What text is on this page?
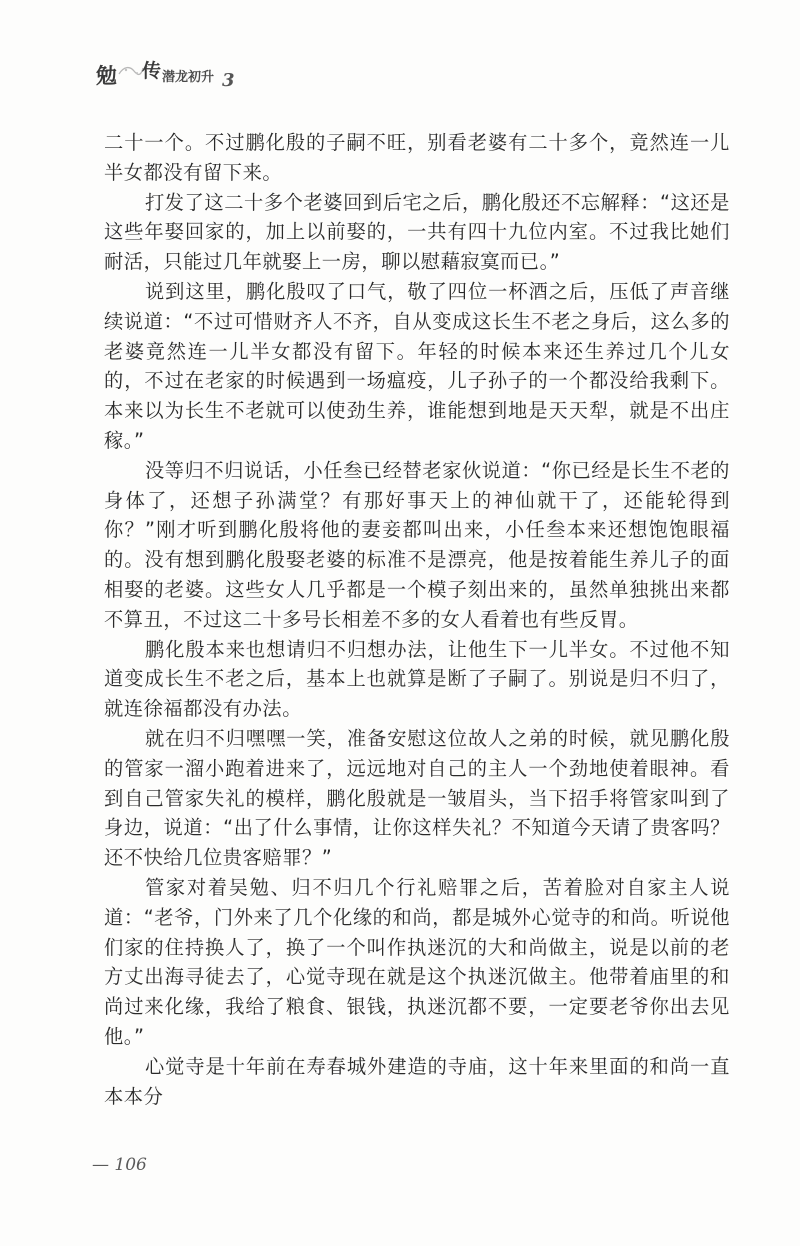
勉 传 潜龙初升 3

二十一个。不过鹏化殷的子嗣不旺，别看老婆有二十多个，竟然连一儿半女都没有留下来。

打发了这二十多个老婆回到后宅之后，鹏化殷还不忘解释：“这还是这些年娶回家的，加上以前娶的，一共有四十九位内室。不过我比她们耐活，只能过几年就娶上一房，聊以慰藉寂寞而已。”

说到这里，鹏化殷叹了口气，敬了四位一杯酒之后，压低了声音继续说道：“不过可惜财齐人不齐，自从变成这长生不老之身后，这么多的老婆竟然连一儿半女都没有留下。年轻的时候本来还生养过几个儿女的，不过在老家的时候遇到一场瘟疫，儿子孙子的一个都没给我剩下。本来以为长生不老就可以使劲生养，谁能想到地是天天犁，就是不出庄稼。”

没等归不归说话，小任叁已经替老家伙说道：“你已经是长生不老的身体了，还想子孙满堂？有那好事天上的神仙就干了，还能轮得到你？”刚才听到鹏化殷将他的妻妾都叫出来，小任叁本来还想饱饱眼福的。没有想到鹏化殷娶老婆的标准不是漂亮，他是按着能生养儿子的面相娶的老婆。这些女人几乎都是一个模子刻出来的，虽然单独挑出来都不算丑，不过这二十多号长相差不多的女人看着也有些反胃。

鹏化殷本来也想请归不归想办法，让他生下一儿半女。不过他不知道变成长生不老之后，基本上也就算是断了子嗣了。别说是归不归了，就连徐福都没有办法。

就在归不归嘿嘿一笑，准备安慰这位故人之弟的时候，就见鹏化殷的管家一溜小跑着进来了，远远地对自己的主人一个劲地使着眼神。看到自己管家失礼的模样，鹏化殷就是一皱眉头，当下招手将管家叫到了身边，说道：“出了什么事情，让你这样失礼？不知道今天请了贵客吗？还不快给几位贵客赔罪？”

管家对着吴勉、归不归几个行礼赔罪之后，苦着脸对自家主人说道：“老爷，门外来了几个化缘的和尚，都是城外心觉寺的和尚。听说他们家的住持换人了，换了一个叫作执迷沉的大和尚做主，说是以前的老方丈出海寻徒去了，心觉寺现在就是这个执迷沉做主。他带着庙里的和尚过来化缘，我给了粮食、银钱，执迷沉都不要，一定要老爷你出去见他。”

心觉寺是十年前在寿春城外建造的寺庙，这十年来里面的和尚一直本本分

— 106
